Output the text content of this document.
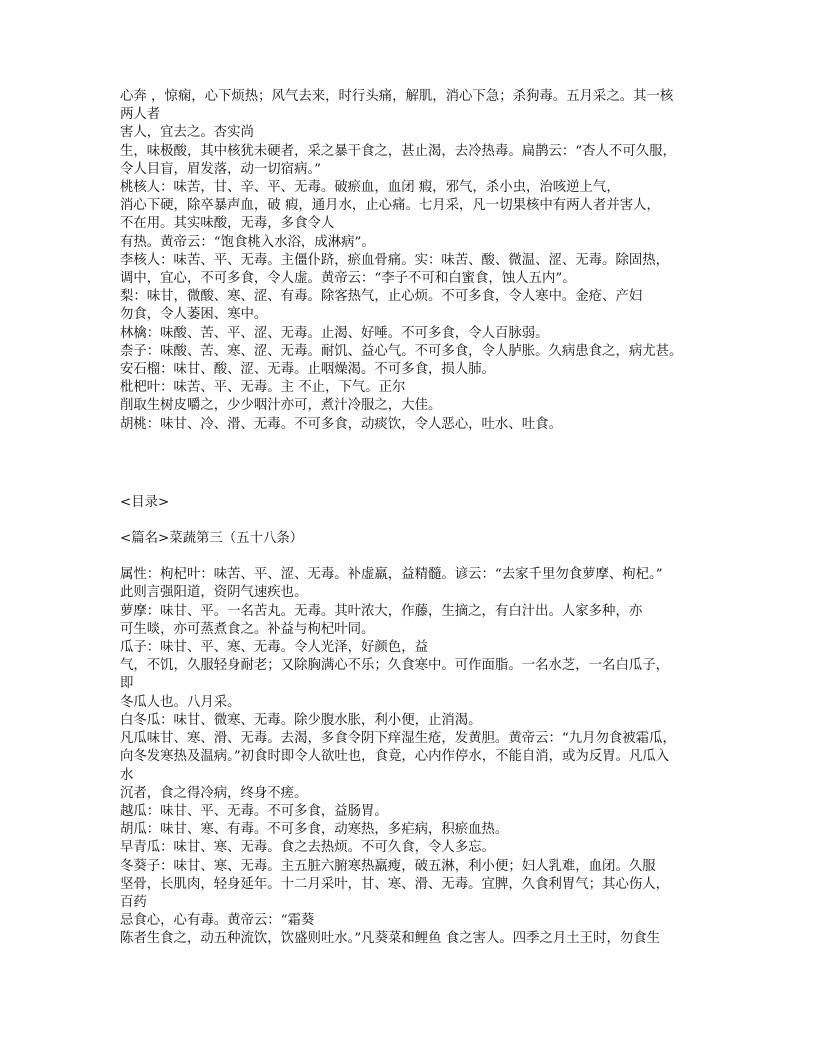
心奔 ，惊痫，心下烦热；风气去来，时行头痛，解肌，消心下急；杀狗毒。五月采之。其一核

两人者

害人，宜去之。杏实尚

生，味极酸，其中核犹未硬者，采之暴干食之，甚止渴，去冷热毒。扁鹊云：“杏人不可久服，

令人目盲，眉发落，动一切宿病。”

桃核人：味苦，甘、辛、平、无毒。破瘀血，血闭 瘕，邪气，杀小虫，治咳逆上气，

消心下硬，除卒暴声血，破 瘕，通月水，止心痛。七月采，凡一切果核中有两人者并害人，

不在用。其实味酸，无毒，多食令人

有热。黄帝云：“饱食桃入水浴，成淋病”。

李核人：味苦、平、无毒。主僵仆跻，瘀血骨痛。实：味苦、酸、微温、涩、无毒。除固热，

调中，宜心，不可多食，令人虚。黄帝云：“李子不可和白蜜食，蚀人五内”。

梨：味甘，微酸、寒、涩、有毒。除客热气，止心烦。不可多食，令人寒中。金疮、产妇

勿食，令人萎困、寒中。

林檎：味酸、苦、平、涩、无毒。止渴、好唾。不可多食，令人百脉弱。

柰子：味酸、苦、寒、涩、无毒。耐饥、益心气。不可多食，令人胪胀。久病患食之，病尤甚。

安石榴：味甘、酸、涩、无毒。止咽燥渴。不可多食，损人肺。

枇杷叶：味苦、平、无毒。主 不止，下气。正尔

削取生树皮嚼之，少少咽汁亦可，煮汁冷服之，大佳。

胡桃：味甘、冷、滑、无毒。不可多食，动痰饮，令人恶心，吐水、吐食。

<目录>

<篇名>菜蔬第三（五十八条）

属性：枸杞叶：味苦、平、涩、无毒。补虚羸，益精髓。谚云：“去家千里勿食萝摩、枸杞。”

此则言强阳道，资阴气速疾也。

萝摩：味甘、平。一名苦丸。无毒。其叶浓大，作藤，生摘之，有白汁出。人家多种，亦

可生啖，亦可蒸煮食之。补益与枸杞叶同。

瓜子：味甘、平、寒、无毒。令人光泽，好颜色，益

气，不饥，久服轻身耐老；又除胸满心不乐；久食寒中。可作面脂。一名水芝，一名白瓜子，

即

冬瓜人也。八月采。

白冬瓜：味甘、微寒、无毒。除少腹水胀，利小便，止消渴。

凡瓜味甘、寒、滑、无毒。去渴，多食令阴下痒湿生疮，发黄胆。黄帝云：“九月勿食被霜瓜，

向冬发寒热及温病。”初食时即令人欲吐也，食竟，心内作停水，不能自消，或为反胃。凡瓜入

水

沉者，食之得冷病，终身不瘥。

越瓜：味甘、平、无毒。不可多食，益肠胃。

胡瓜：味甘、寒、有毒。不可多食，动寒热，多疟病，积瘀血热。

早青瓜：味甘、寒、无毒。食之去热烦。不可久食，令人多忘。

冬葵子：味甘、寒、无毒。主五脏六腑寒热羸瘦，破五淋，利小便；妇人乳难，血闭。久服

坚骨，长肌肉，轻身延年。十二月采叶，甘、寒、滑、无毒。宜脾，久食利胃气；其心伤人，

百药

忌食心，心有毒。黄帝云：“霜葵

陈者生食之，动五种流饮，饮盛则吐水。”凡葵菜和鲤鱼 食之害人。四季之月土王时，勿食生
